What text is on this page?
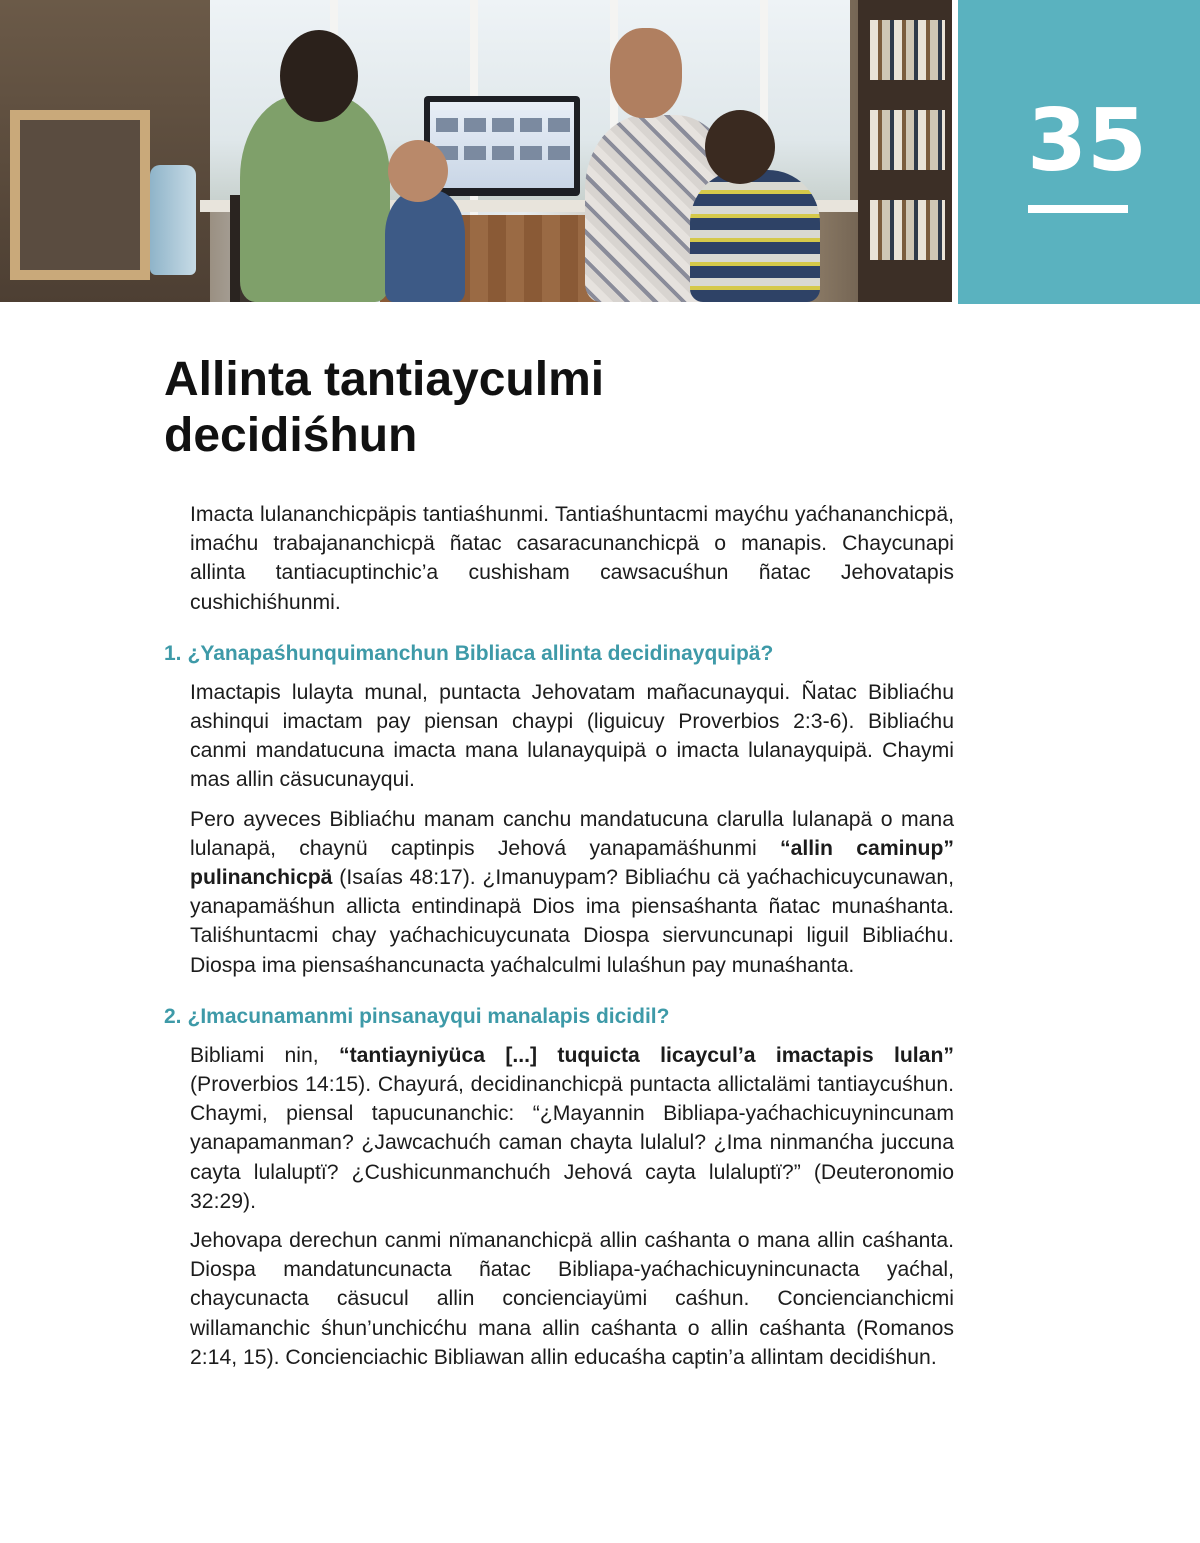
35
Allinta tantiayculmi
decidiśhun

Imacta lulananchicpäpis tantiaśhunmi. Tantiaśhuntacmi mayćhu yaćhananchicpä, imaćhu trabajananchicpä ñatac casaracunanchicpä o manapis. Chaycunapi allinta tantiacuptinchic’a cushisham cawsacuśhun ñatac Jehovatapis cushichiśhunmi.

1. ¿Yanapaśhunquimanchun Bibliaca allinta decidinayquipä?

Imactapis lulayta munal, puntacta Jehovatam mañacunayqui. Ñatac Bibliaćhu ashinqui imactam pay piensan chaypi (liguicuy Proverbios 2:3-6). Bibliaćhu canmi mandatucuna imacta mana lulanayquipä o imacta lulanayquipä. Chaymi mas allin cäsucunayqui.

Pero ayveces Bibliaćhu manam canchu mandatucuna clarulla lulanapä o mana lulanapä, chaynü captinpis Jehová yanapamäśhunmi “allin caminup” pulinanchicpä (Isaías 48:17). ¿Imanuypam? Bibliaćhu cä yaćhachicuycunawan, yanapamäśhun allicta entindinapä Dios ima piensaśhanta ñatac munaśhanta. Taliśhuntacmi chay yaćhachicuycunata Diospa siervuncunapi liguil Bibliaćhu. Diospa ima piensaśhancunacta yaćhalculmi lulaśhun pay munaśhanta.

2. ¿Imacunamanmi pinsanayqui manalapis dicidil?

Bibliami nin, “tantiayniyüca [...] tuquicta licaycul’a imactapis lulan” (Proverbios 14:15). Chayurá, decidinanchicpä puntacta allictalämi tantiaycuśhun. Chaymi, piensal tapucunanchic: “¿Mayannin Bibliapa-yaćhachicuynincunam yanapamanman? ¿Jawcachućh caman chayta lulalul? ¿Ima ninmanćha juccuna cayta lulaluptï? ¿Cushicunmanchućh Jehová cayta lulaluptï?” (Deuteronomio 32:29).

Jehovapa derechun canmi nïmananchicpä allin caśhanta o mana allin caśhanta. Diospa mandatuncunacta ñatac Bibliapa-yaćhachicuynincunacta yaćhal, chaycunacta cäsucul allin concienciayümi caśhun. Conciencianchicmi willamanchic śhun’unchicćhu mana allin caśhanta o allin caśhanta (Romanos 2:14, 15). Concienciachic Bibliawan allin educaśha captin’a allintam decidiśhun.
